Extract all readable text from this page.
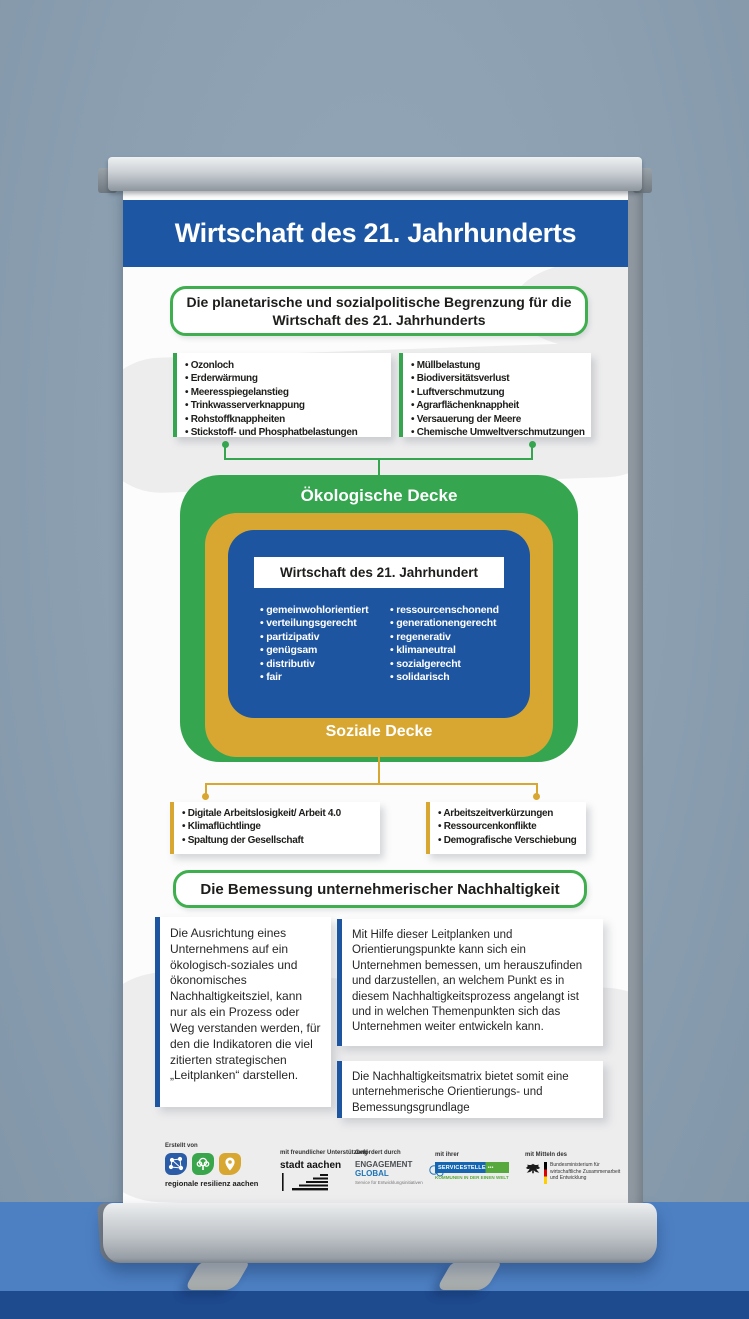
Wirtschaft des 21. Jahrhunderts
Die planetarische und sozialpolitische Begrenzung für die Wirtschaft des 21. Jahrhunderts
• Ozonloch
• Erderwärmung
• Meeresspiegelanstieg
• Trinkwasserverknappung
• Rohstoffknappheiten
• Stickstoff- und Phosphatbelastungen
• Müllbelastung
• Biodiversitätsverlust
• Luftverschmutzung
• Agrarflächenknappheit
• Versauerung der Meere
• Chemische Umweltverschmutzungen
Ökologische Decke
Soziale Decke
Wirtschaft des 21. Jahrhundert
• gemeinwohlorientiert
• verteilungsgerecht
• partizipativ
• genügsam
• distributiv
• fair
• ressourcenschonend
• generationengerecht
• regenerativ
• klimaneutral
• sozialgerecht
• solidarisch
• Digitale Arbeitslosigkeit/ Arbeit 4.0
• Klimaflüchtlinge
• Spaltung der Gesellschaft
• Arbeitszeitverkürzungen
• Ressourcenkonflikte
• Demografische Verschiebung
Die Bemessung unternehmerischer Nachhaltigkeit
Die Ausrichtung eines Unternehmens auf ein ökologisch-soziales und ökonomisches Nachhaltigkeitsziel, kann nur als ein Prozess oder Weg verstanden werden, für den die Indikatoren die viel zitierten strategischen „Leitplanken“ darstellen.
Mit Hilfe dieser Leitplanken und Orientierungspunkte kann sich ein Unternehmen bemessen, um herauszufinden und darzustellen, an welchem Punkt es in diesem Nachhaltigkeitsprozess angelangt ist und in welchen Themenpunkten sich das Unternehmen weiter entwickeln kann.
Die Nachhaltigkeitsmatrix bietet somit eine unternehmerische Orientierungs- und Bemessungsgrundlage
Erstellt von
regionale resilienz aachen
mit freundlicher Unterstützung
stadt aachen
Gefördert durch
ENGAGEMENT
GLOBAL
Service für Entwicklungsinitiativen
mit ihrer
SERVICESTELLE •••
KOMMUNEN IN DER EINEN WELT
mit Mitteln des
Bundesministerium für wirtschaftliche Zusammenarbeit und Entwicklung
